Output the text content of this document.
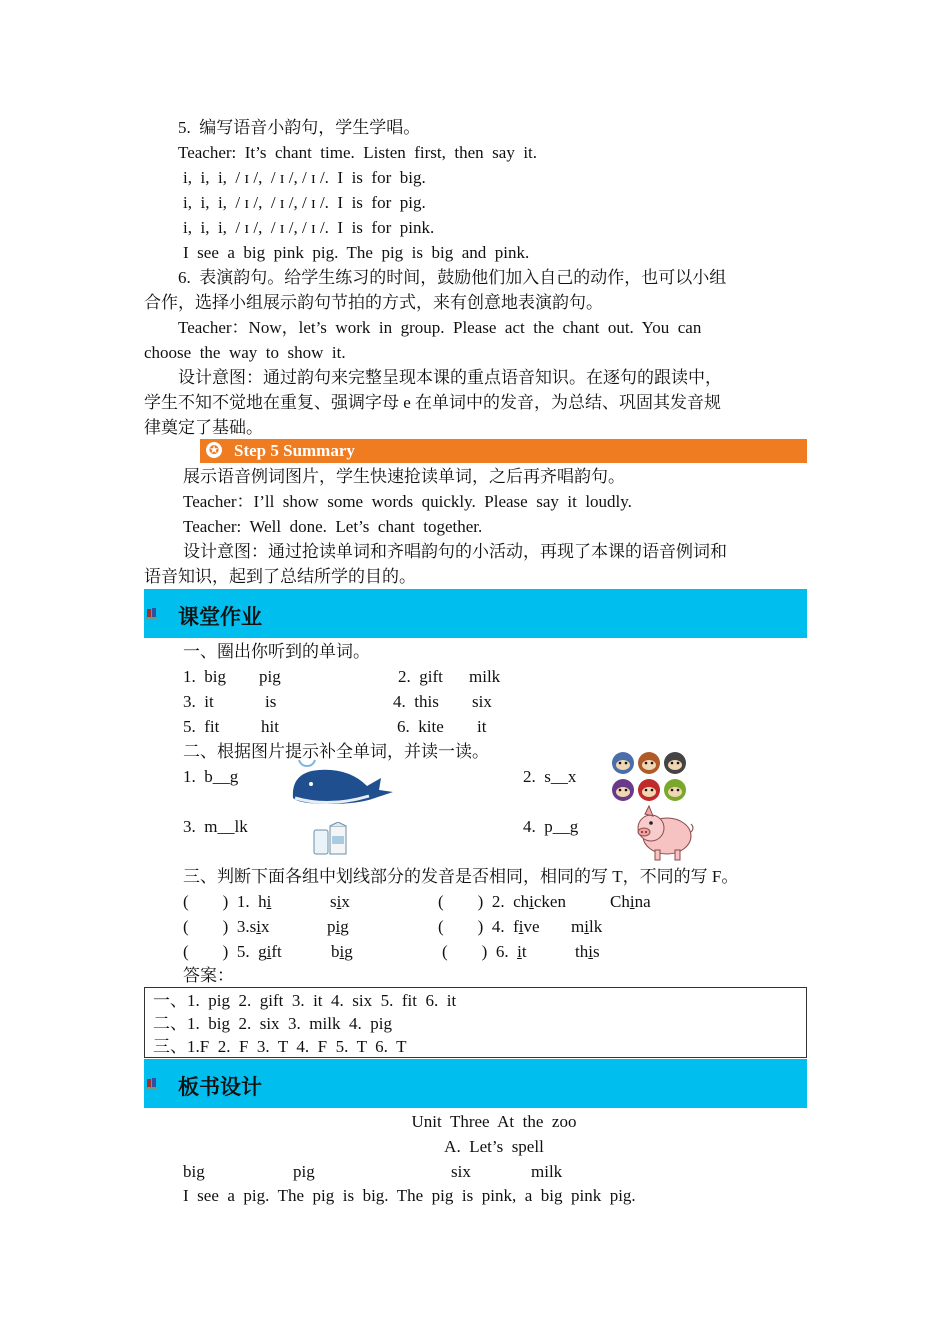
5.  编写语音小韵句，学生学唱。
Teacher:  It’s  chant  time.  Listen  first,  then  say  it.
i,  i,  i,  / ɪ /,  / ɪ /, / ɪ /.  I  is  for  big.
i,  i,  i,  / ɪ /,  / ɪ /, / ɪ /.  I  is  for  pig.
i,  i,  i,  / ɪ /,  / ɪ /, / ɪ /.  I  is  for  pink.
I  see  a  big  pink  pig.  The  pig  is  big  and  pink.
6.  表演韵句。给学生练习的时间，鼓励他们加入自己的动作，也可以小组
合作，选择小组展示韵句节拍的方式，来有创意地表演韵句。
Teacher：Now，let’s  work  in  group.  Please  act  the  chant  out.  You  can
choose  the  way  to  show  it.
设计意图：通过韵句来完整呈现本课的重点语音知识。在逐句的跟读中，
学生不知不觉地在重复、强调字母 e 在单词中的发音，为总结、巩固其发音规
律奠定了基础。
✪ Step 5 Summary
展示语音例词图片，学生快速抢读单词，之后再齐唱韵句。
Teacher：I’ll  show  some  words  quickly.  Please  say  it  loudly.
Teacher:  Well  done.  Let’s  chant  together.
设计意图：通过抢读单词和齐唱韵句的小活动，再现了本课的语音例词和
语音知识，起到了总结所学的目的。
课堂作业
一、圈出你听到的单词。
1.  big pig	2.  gift milk
3.  it	is	4.  this six
5.  fit hit	6.  kite it
二、根据图片提示补全单词，并读一读。
1.  b__g	2.  s__x
3.  m__lk	4.  p__g
三、判断下面各组中划线部分的发音是否相同，相同的写 T，不同的写 F。
(        )  1.  hi	six	(        )  2.  chicken	China
(        )  3.six	pig	(        )  4.  five milk
(        )  5.  gift	big	(        )  6.  it	this
答案：
一、1.  pig  2.  gift  3.  it  4.  six  5.  fit  6.  it
二、1.  big  2.  six  3.  milk  4.  pig
三、1.F  2.  F  3.  T  4.  F  5.  T  6.  T
板书设计
Unit  Three  At  the  zoo
A.  Let’s  spell
big	pig	six	milk
I  see  a  pig.  The  pig  is  big.  The  pig  is  pink,  a  big  pink  pig.
